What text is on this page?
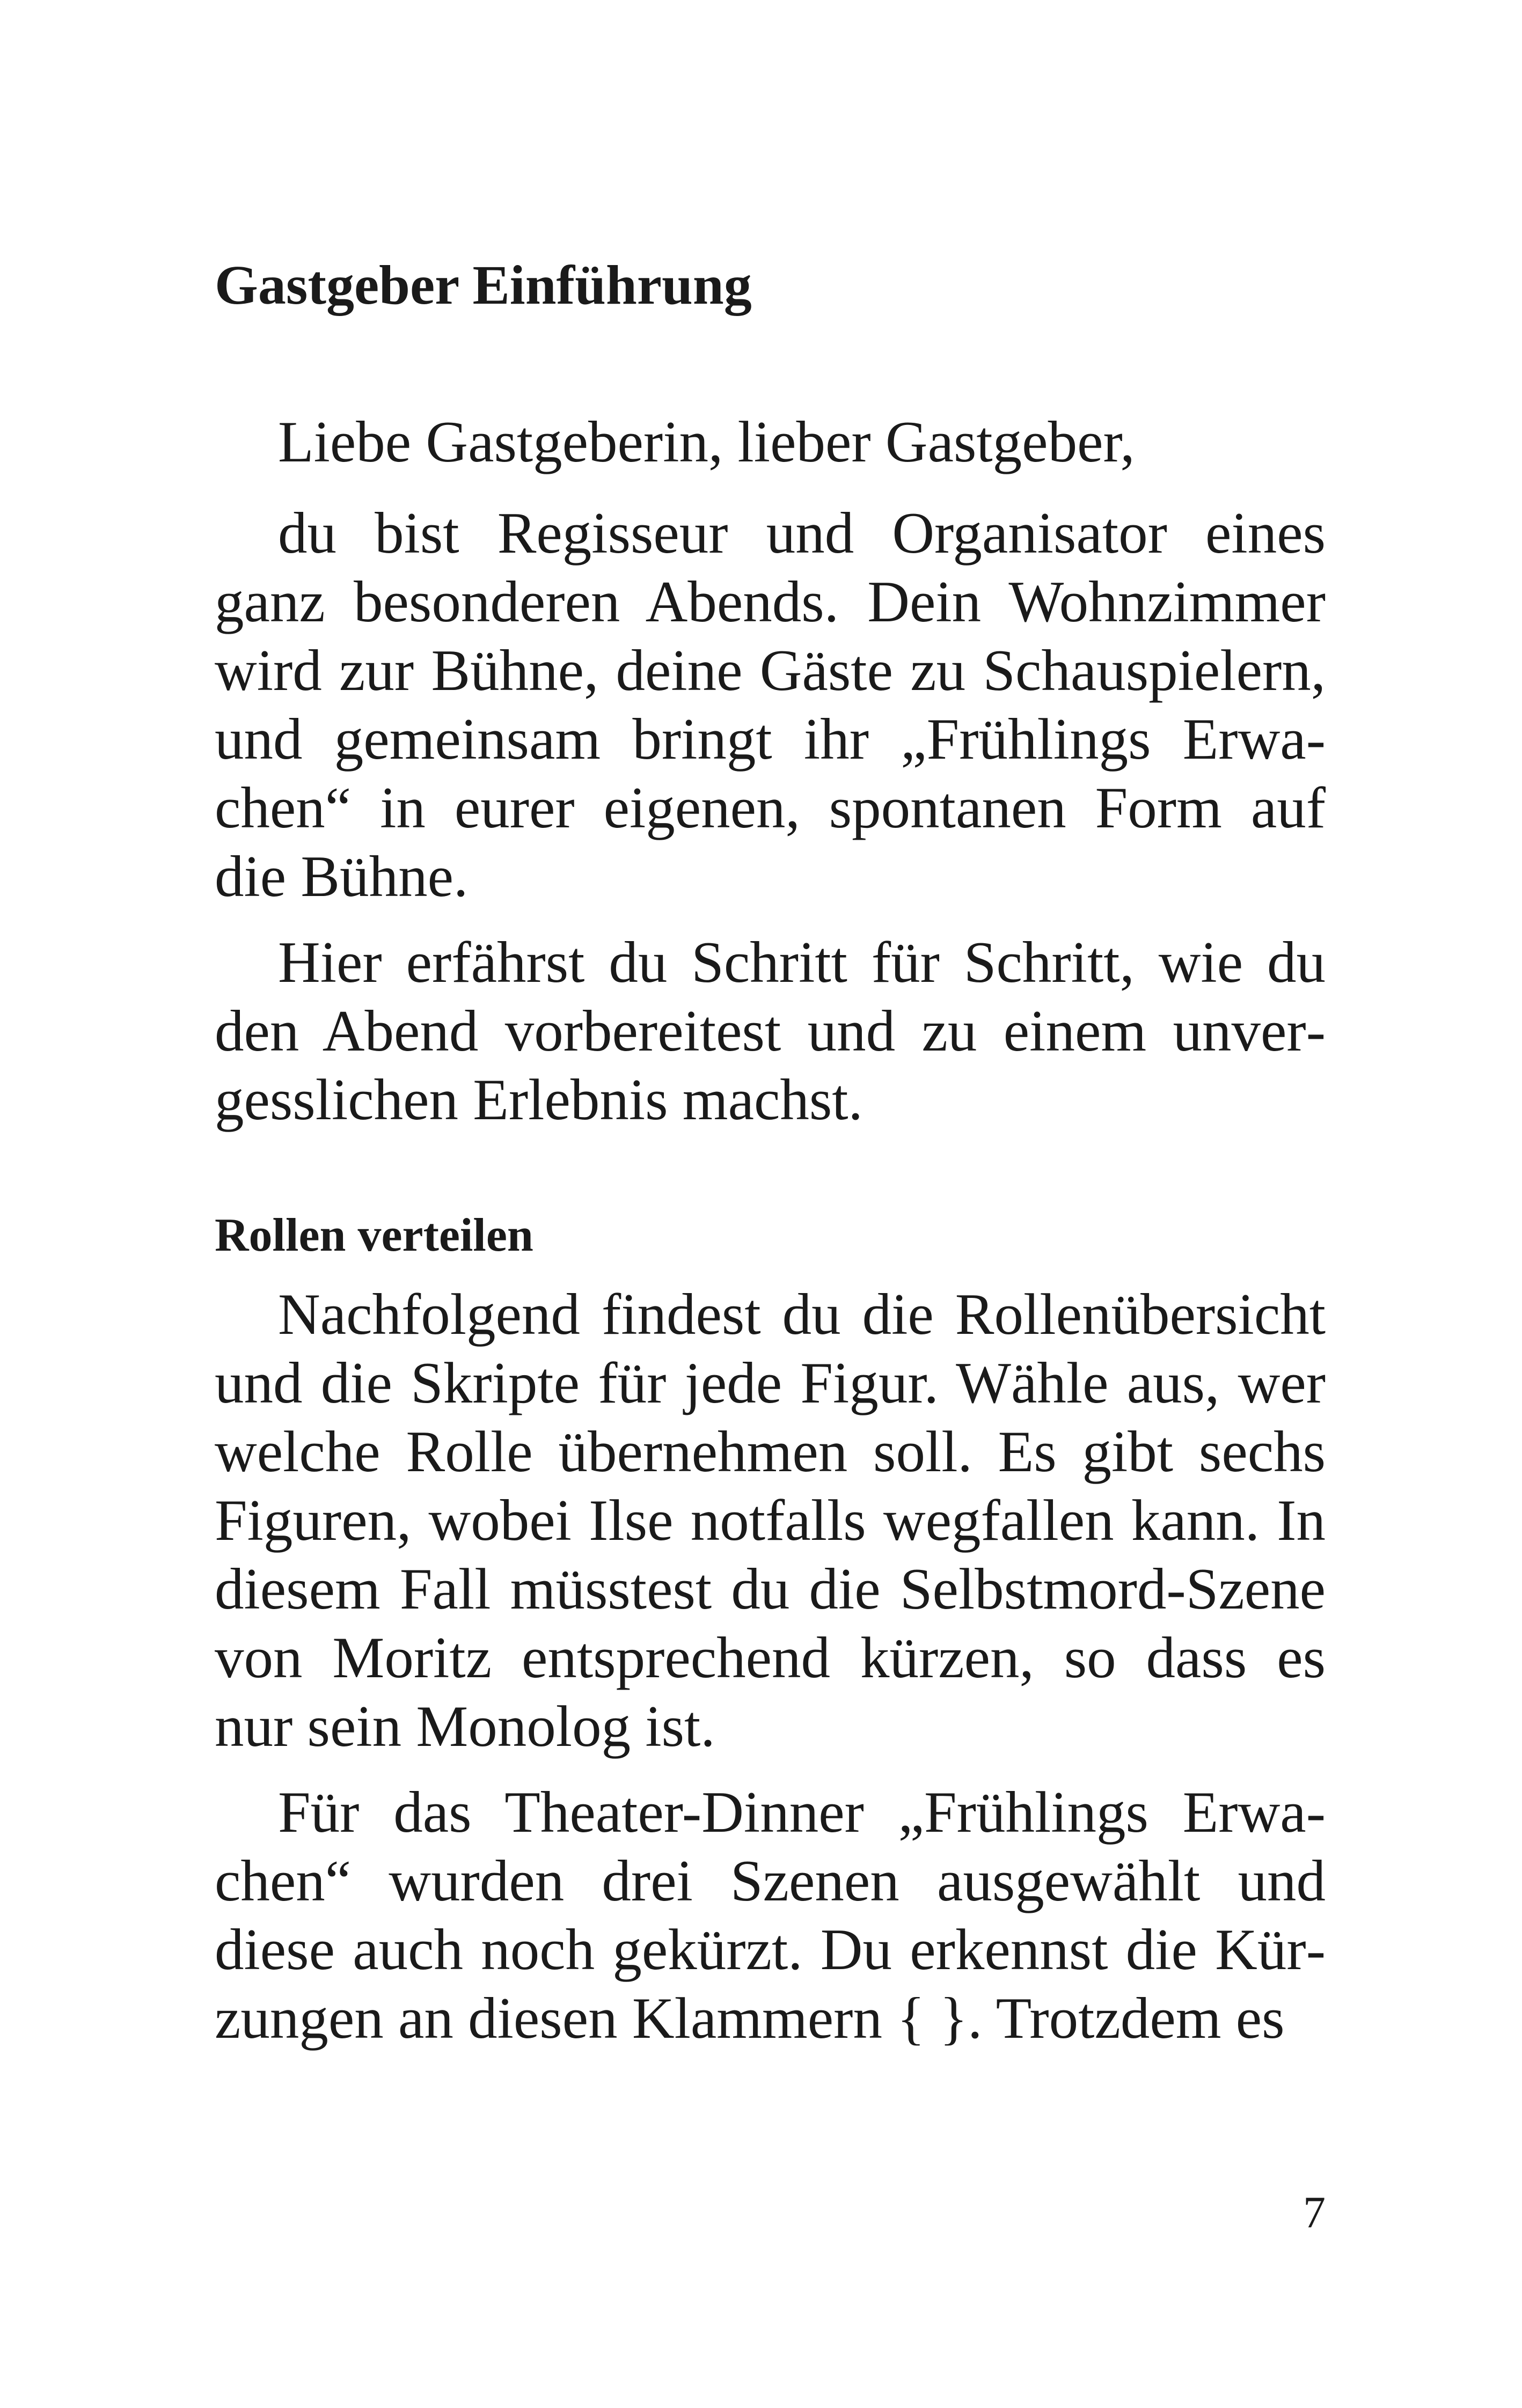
Gastgeber Einführung

Liebe Gastgeberin, lieber Gastgeber,

du bist Regisseur und Organisator eines ganz besonderen Abends. Dein Wohnzimmer wird zur Bühne, deine Gäste zu Schauspielern, und gemeinsam bringt ihr „Frühlings Erwachen“ in eurer eigenen, spontanen Form auf die Bühne.

Hier erfährst du Schritt für Schritt, wie du den Abend vorbereitest und zu einem unvergesslichen Erlebnis machst.

Rollen verteilen

Nachfolgend findest du die Rollenübersicht und die Skripte für jede Figur. Wähle aus, wer welche Rolle übernehmen soll. Es gibt sechs Figuren, wobei Ilse notfalls wegfallen kann. In diesem Fall müsstest du die Selbstmord-Szene von Moritz entsprechend kürzen, so dass es nur sein Monolog ist.

Für das Theater-Dinner „Frühlings Erwachen“ wurden drei Szenen ausgewählt und diese auch noch gekürzt. Du erkennst die Kürzungen an diesen Klammern { }. Trotzdem es

7
